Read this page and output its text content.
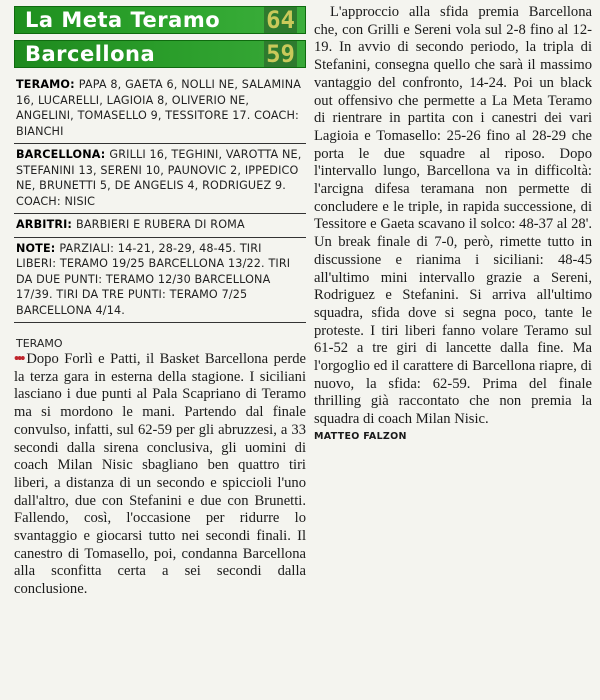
La Meta Teramo 64
Barcellona	59
TERAMO: PAPA 8, GAETA 6, NOLLI NE, SALAMINA 16, LUCARELLI, LAGIOIA 8, OLIVERIO NE, ANGELINI, TOMASELLO 9, TESSITORE 17. COACH: BIANCHI
BARCELLONA: GRILLI 16, TEGHINI, VAROTTA NE, STEFANINI 13, SERENI 10, PAUNOVIC 2, IPPEDICO NE, BRUNETTI 5, DE ANGELIS 4, RODRIGUEZ 9. COACH: NISIC
ARBITRI: BARBIERI E RUBERA DI ROMA
NOTE: PARZIALI: 14-21, 28-29, 48-45. TIRI LIBERI: TERAMO 19/25 BARCELLONA 13/22. TIRI DA DUE PUNTI: TERAMO 12/30 BARCELLONA 17/39. TIRI DA TRE PUNTI: TERAMO 7/25 BARCELLONA 4/14.
TERAMO

••• Dopo Forlì e Patti, il Basket Barcellona perde la terza gara in esterna della stagione. I siciliani lasciano i due punti al Pala Scapriano di Teramo ma si mordono le mani. Partendo dal finale convulso, infatti, sul 62-59 per gli abruzzesi, a 33 secondi dalla sirena conclusiva, gli uomini di coach Milan Nisic sbagliano ben quattro tiri liberi, a distanza di un secondo e spiccioli l'uno dall'altro, due con Stefanini e due con Brunetti. Fallendo, così, l'occasione per ridurre lo svantaggio e giocarsi tutto nei secondi finali. Il canestro di Tomasello, poi, condanna Barcellona alla sconfitta certa a sei secondi dalla conclusione.

L'approccio alla sfida premia Barcellona che, con Grilli e Sereni vola sul 2-8 fino al 12-19. In avvio di secondo periodo, la tripla di Stefanini, consegna quello che sarà il massimo vantaggio del confronto, 14-24. Poi un black out offensivo che permette a La Meta Teramo di rientrare in partita con i canestri dei vari Lagioia e Tomasello: 25-26 fino al 28-29 che porta le due squadre al riposo. Dopo l'intervallo lungo, Barcellona va in difficoltà: l'arcigna difesa teramana non permette di concludere e le triple, in rapida successione, di Tessitore e Gaeta scavano il solco: 48-37 al 28'. Un break finale di 7-0, però, rimette tutto in discussione e rianima i siciliani: 48-45 all'ultimo mini intervallo grazie a Sereni, Rodriguez e Stefanini. Si arriva all'ultimo squadra, sfida dove si segna poco, tante le proteste. I tiri liberi fanno volare Teramo sul 61-52 a tre giri di lancette dalla fine. Ma l'orgoglio ed il carattere di Barcellona riapre, di nuovo, la sfida: 62-59. Prima del finale thrilling già raccontato che non premia la squadra di coach Milan Nisic.

MATTEO FALZON
